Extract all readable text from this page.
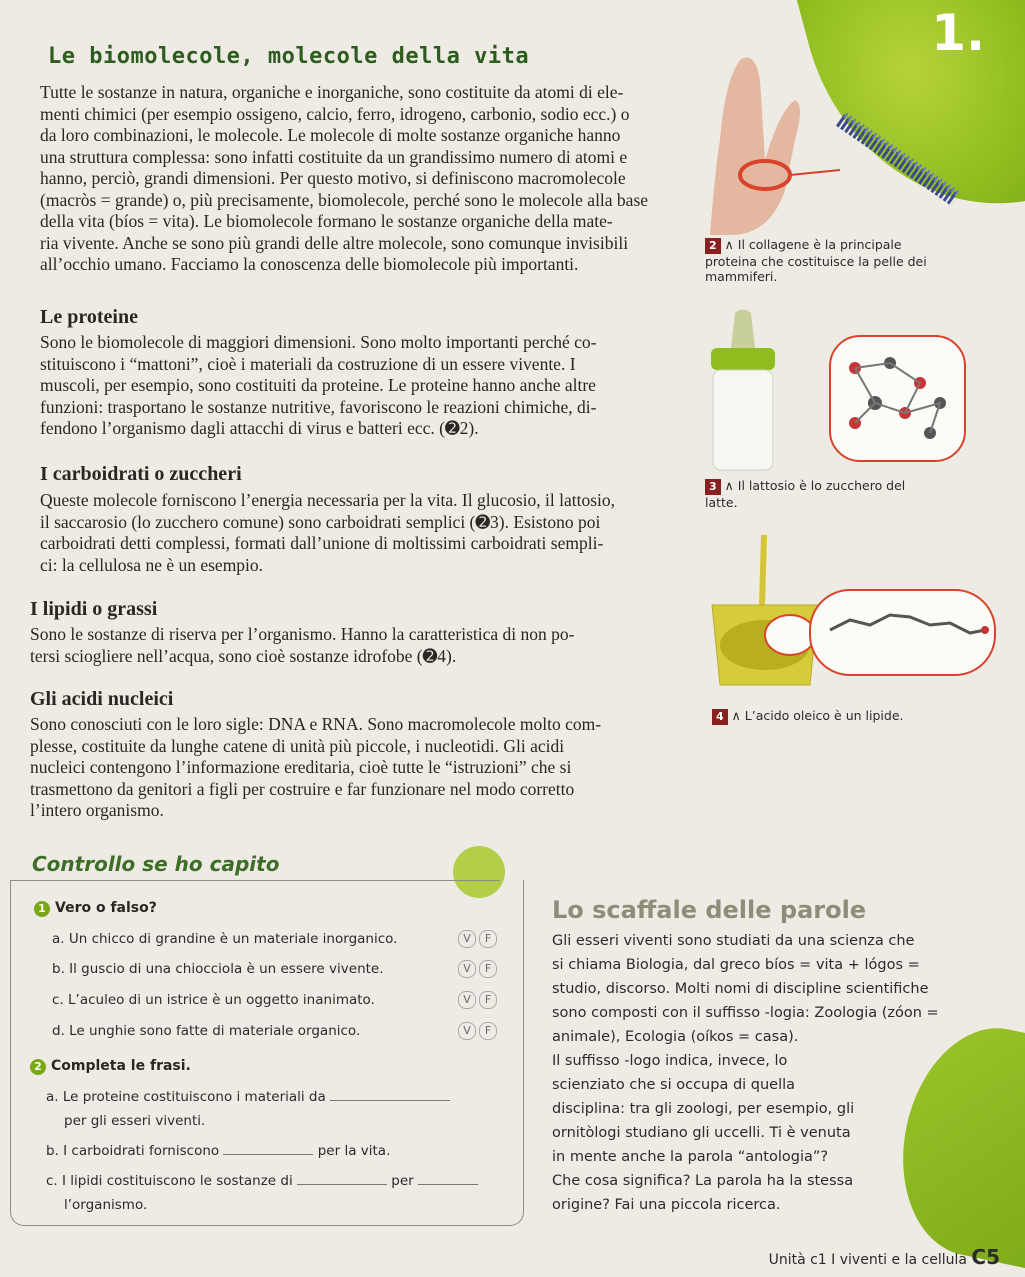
1.
Le biomolecole, molecole della vita
Tutte le sostanze in natura, organiche e inorganiche, sono costituite da atomi di ele-
menti chimici (per esempio ossigeno, calcio, ferro, idrogeno, carbonio, sodio ecc.) o
da loro combinazioni, le molecole. Le molecole di molte sostanze organiche hanno
una struttura complessa: sono infatti costituite da un grandissimo numero di atomi e
hanno, perciò, grandi dimensioni. Per questo motivo, si definiscono macromolecole
(macròs = grande) o, più precisamente, biomolecole, perché sono le molecole alla base
della vita (bíos = vita). Le biomolecole formano le sostanze organiche della mate-
ria vivente. Anche se sono più grandi delle altre molecole, sono comunque invisibili
all’occhio umano. Facciamo la conoscenza delle biomolecole più importanti.
2 ∧ Il collagene è la principale
proteina che costituisce la pelle dei
mammiferi.
Le proteine
Sono le biomolecole di maggiori dimensioni. Sono molto importanti perché co-
stituiscono i “mattoni”, cioè i materiali da costruzione di un essere vivente. I
muscoli, per esempio, sono costituiti da proteine. Le proteine hanno anche altre
funzioni: trasportano le sostanze nutritive, favoriscono le reazioni chimiche, di-
fendono l’organismo dagli attacchi di virus e batteri ecc. (➋2).
I carboidrati o zuccheri
3 ∧ Il lattosio è lo zucchero del
latte.
Queste molecole forniscono l’energia necessaria per la vita. Il glucosio, il lattosio,
il saccarosio (lo zucchero comune) sono carboidrati semplici (➋3). Esistono poi
carboidrati detti complessi, formati dall’unione di moltissimi carboidrati sempli-
ci: la cellulosa ne è un esempio.
I lipidi o grassi
Sono le sostanze di riserva per l’organismo. Hanno la caratteristica di non po-
tersi sciogliere nell’acqua, sono cioè sostanze idrofobe (➋4).
Gli acidi nucleici
4 ∧ L’acido oleico è un lipide.
Sono conosciuti con le loro sigle: DNA e RNA. Sono macromolecole molto com-
plesse, costituite da lunghe catene di unità più piccole, i nucleotidi. Gli acidi
nucleici contengono l’informazione ereditaria, cioè tutte le “istruzioni” che si
trasmettono da genitori a figli per costruire e far funzionare nel modo corretto
l’intero organismo.
Controllo se ho capito
1 Vero o falso?
a. Un chicco di grandine è un materiale inorganico.	V F
b. Il guscio di una chiocciola è un essere vivente.	V F
c. L’aculeo di un istrice è un oggetto inanimato.	V F
d. Le unghie sono fatte di materiale organico.	V F
2 Completa le frasi.
a. Le proteine costituiscono i materiali da
per gli esseri viventi.
b. I carboidrati forniscono	per la vita.
c. I lipidi costituiscono le sostanze di	per
l’organismo.
Lo scaffale delle parole
Gli esseri viventi sono studiati da una scienza che
si chiama Biologia, dal greco bíos = vita + lógos =
studio, discorso. Molti nomi di discipline scientifiche
sono composti con il suffisso -logia: Zoologia (zóon =
animale), Ecologia (oíkos = casa).
Il suffisso -logo indica, invece, lo
scienziato che si occupa di quella
disciplina: tra gli zoologi, per esempio, gli
ornitòlogi studiano gli uccelli. Ti è venuta
in mente anche la parola “antologia”?
Che cosa significa? La parola ha la stessa
origine? Fai una piccola ricerca.
Unità c1 I viventi e la cellula C5
